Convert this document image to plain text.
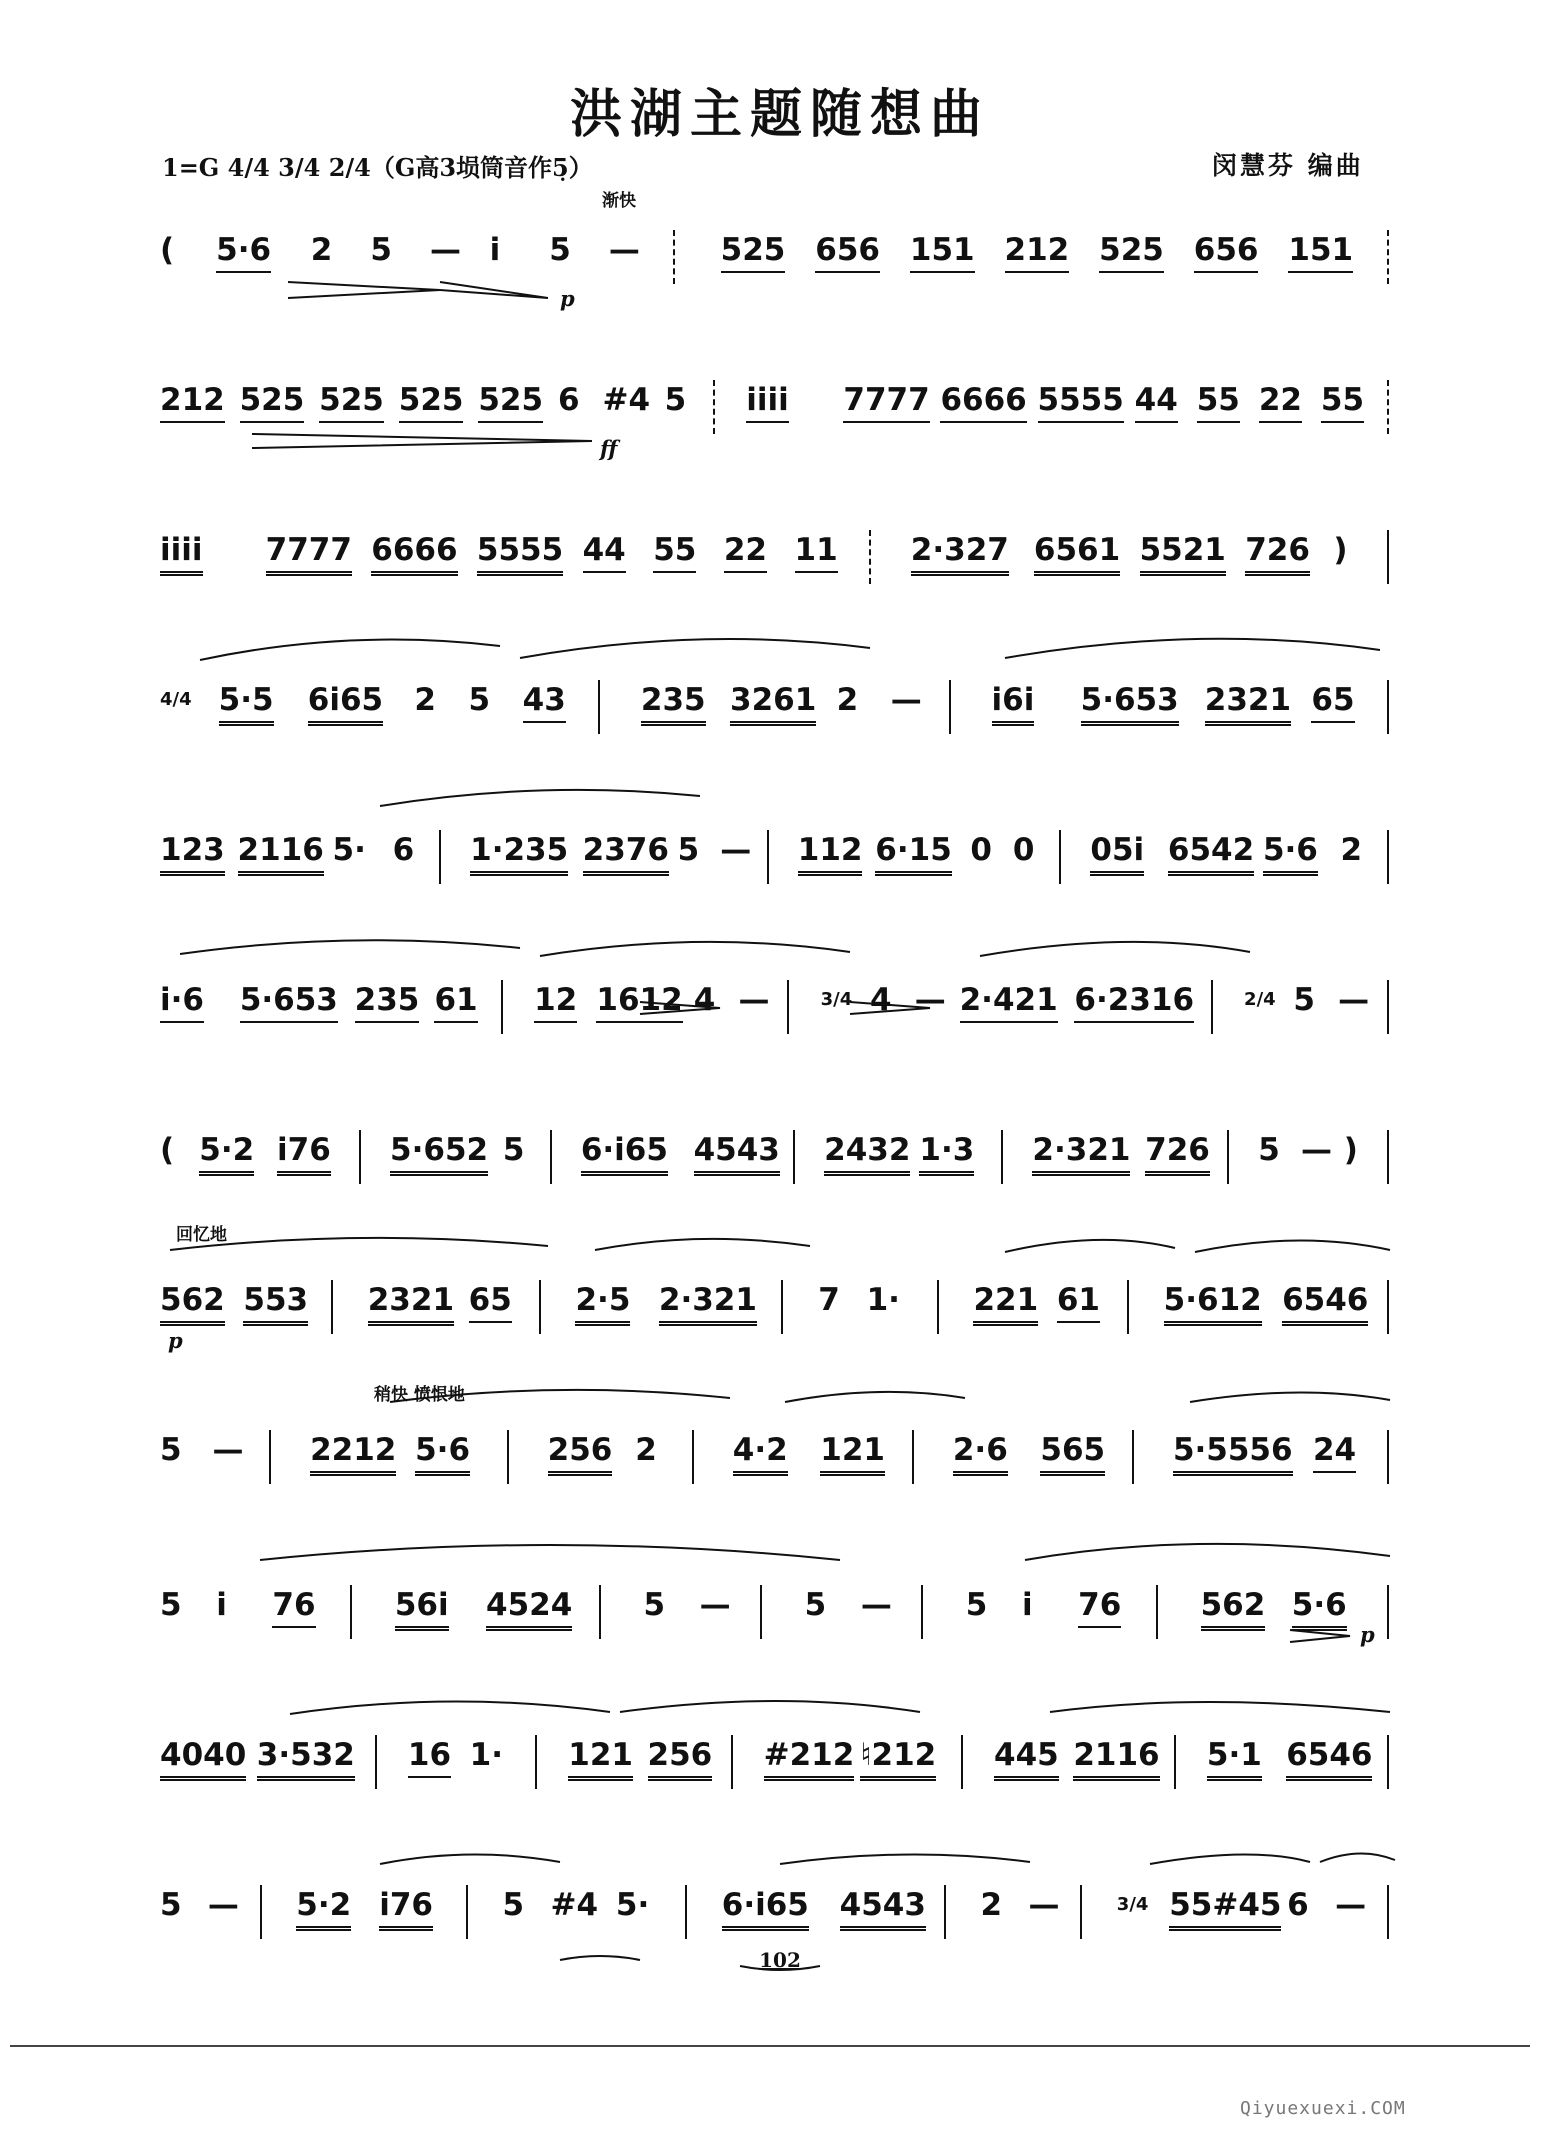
洪湖主题随想曲
1=G 4/4 3/4 2/4（G高3埙筒音作5̣）	闵慧芬 编曲
渐快
回忆地
稍快 愤恨地
p
ff
p
p
( 5·6 2 5 — i 5 —	525 656 151 212 525 656 151
212 525 525 525 525 6 #4 5 iiii 7777 6666 5555 44 55 22 55
iiii 7777 6666 5555 44 55 22 11 2·327 6561 5521 726 )
4/4 5·5 6i65 2 5 43 235 3261 2 — i6i 5·653 2321 65
123 2116 5· 6 1·235 2376 5 — 112 6·15 0 0 05i 6542 5·6 2
i·6 5·653 235 61 12 1612 4 —	3/4 4 — 2·421 6·2316	2/4 5 —
( 5·2 i76 5·652 5 6·i65 4543 2432 1·3 2·321 726 5 — )
562 553 2321 65 2·5 2·321 7 1· 221 61 5·612 6546
5 — 2212 5·6	256 2 4·2 121 2·6 565 5·5556 24
5 i 76	56i 4524 5 — 5 — 5 i 76	562 5·6
4040 3·532 16 1· 121 256 #212 ♮212 445 2116 5·1 6546
5 — 5·2 i76 5 #4 5· 6·i65 4543 2 —	3/4 55#45 6 —
102
Qiyuexuexi.COM
